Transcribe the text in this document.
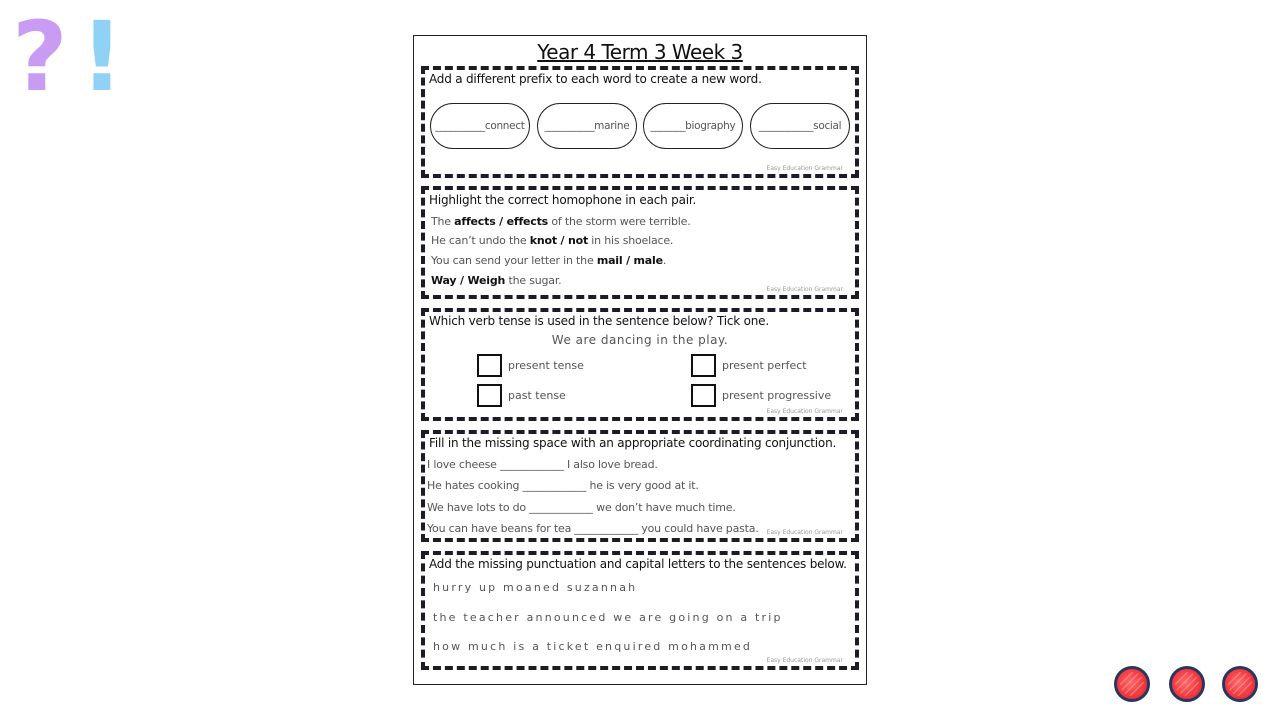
? !	Year 4 Term 3 Week 3
Add a different prefix to each word to create a new word.
__________connect	__________marine	_______biography	___________social
Easy Education Grammar
Highlight the correct homophone in each pair.
The affects / effects of the storm were terrible.
He can’t undo the knot / not in his shoelace.
You can send your letter in the mail / male.
Way / Weigh the sugar.
Easy Education Grammar
Which verb tense is used in the sentence below? Tick one.
We are dancing in the play.
present tense
past tense
present perfect
present progressive
Easy Education Grammar
Fill in the missing space with an appropriate coordinating conjunction.
I love cheese ____________ I also love bread.
He hates cooking ____________ he is very good at it.
We have lots to do ____________ we don’t have much time.
You can have beans for tea ____________ you could have pasta. Easy Education Grammar
Add the missing punctuation and capital letters to the sentences below.
hurry up moaned suzannah
the teacher announced we are going on a trip
how much is a ticket enquired mohammed
Easy Education Grammar
